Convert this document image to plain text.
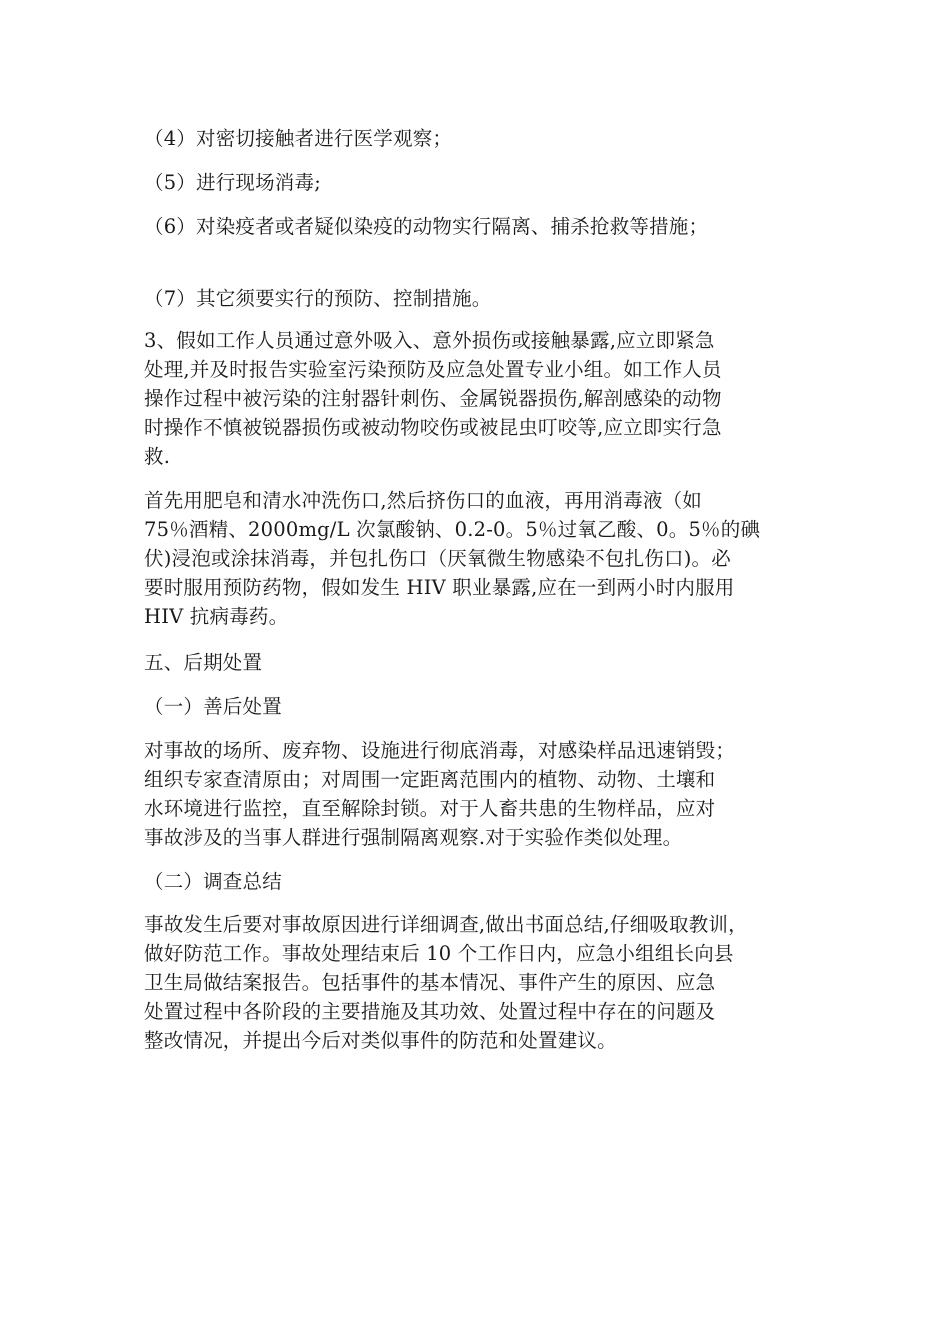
（4）对密切接触者进行医学观察；
（5）进行现场消毒;
（6）对染疫者或者疑似染疫的动物实行隔离、捕杀抢救等措施；
（7）其它须要实行的预防、控制措施。
3、假如工作人员通过意外吸入、意外损伤或接触暴露,应立即紧急
处理,并及时报告实验室污染预防及应急处置专业小组。如工作人员
操作过程中被污染的注射器针刺伤、金属锐器损伤,解剖感染的动物
时操作不慎被锐器损伤或被动物咬伤或被昆虫叮咬等,应立即实行急
救.
首先用肥皂和清水冲洗伤口,然后挤伤口的血液，再用消毒液（如
75％酒精、2000mg/L 次氯酸钠、0.2-0。5％过氧乙酸、0。5％的碘
伏)浸泡或涂抹消毒，并包扎伤口（厌氧微生物感染不包扎伤口)。必
要时服用预防药物，假如发生 HIV 职业暴露,应在一到两小时内服用
HIV 抗病毒药。
五、后期处置
（一）善后处置
对事故的场所、废弃物、设施进行彻底消毒，对感染样品迅速销毁；
组织专家查清原由；对周围一定距离范围内的植物、动物、土壤和
水环境进行监控，直至解除封锁。对于人畜共患的生物样品，应对
事故涉及的当事人群进行强制隔离观察.对于实验作类似处理。
（二）调查总结
事故发生后要对事故原因进行详细调查,做出书面总结,仔细吸取教训，
做好防范工作。事故处理结束后 10 个工作日内，应急小组组长向县
卫生局做结案报告。包括事件的基本情况、事件产生的原因、应急
处置过程中各阶段的主要措施及其功效、处置过程中存在的问题及
整改情况，并提出今后对类似事件的防范和处置建议。
